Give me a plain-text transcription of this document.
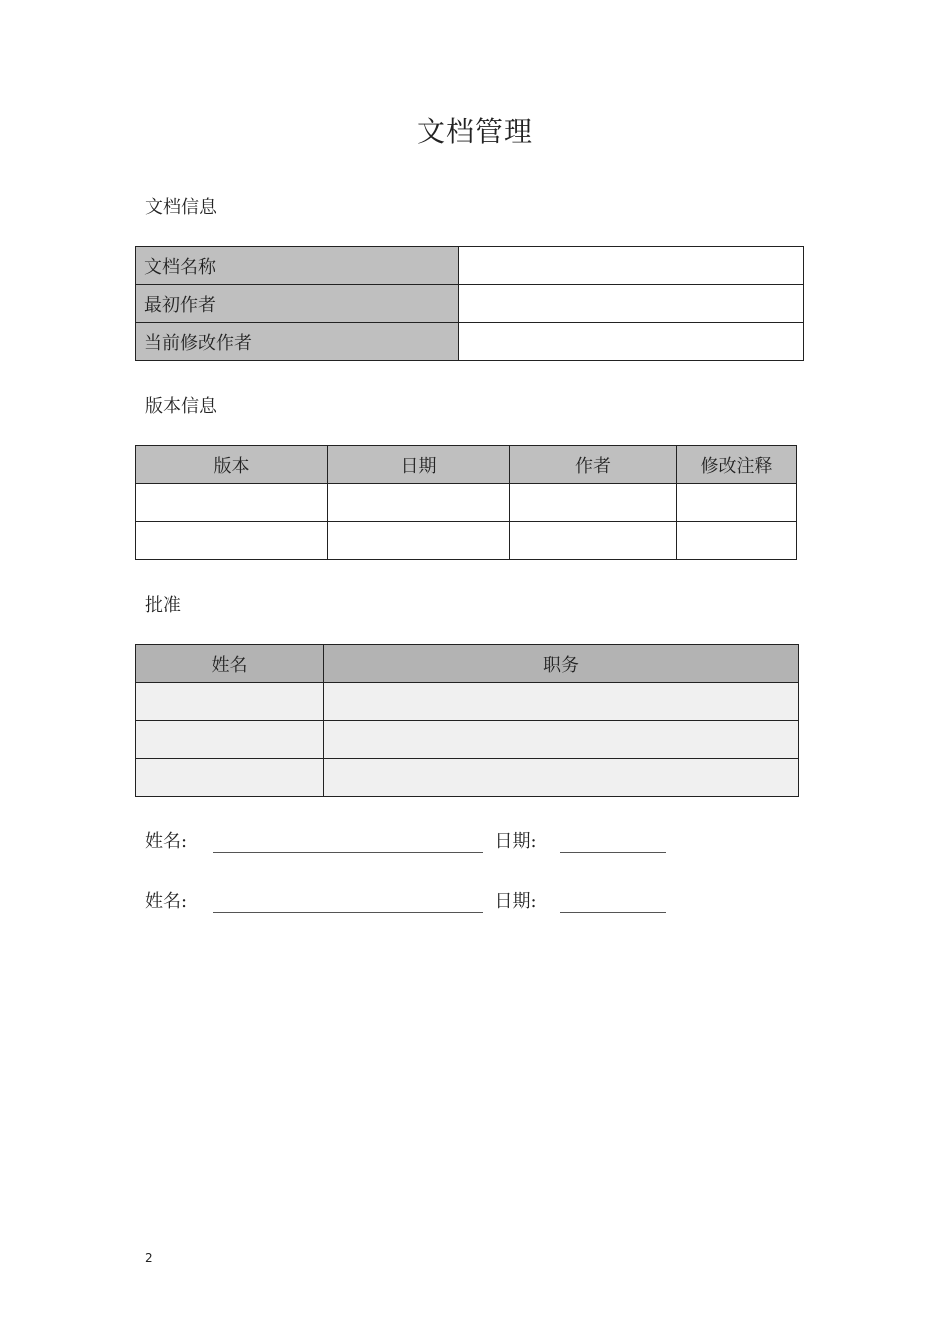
文档管理
文档信息
文档名称	
最初作者	
当前修改作者	
版本信息
版本	日期	作者	修改注释

批准
姓名	职务

姓名:	日期:
姓名:	日期:
2
